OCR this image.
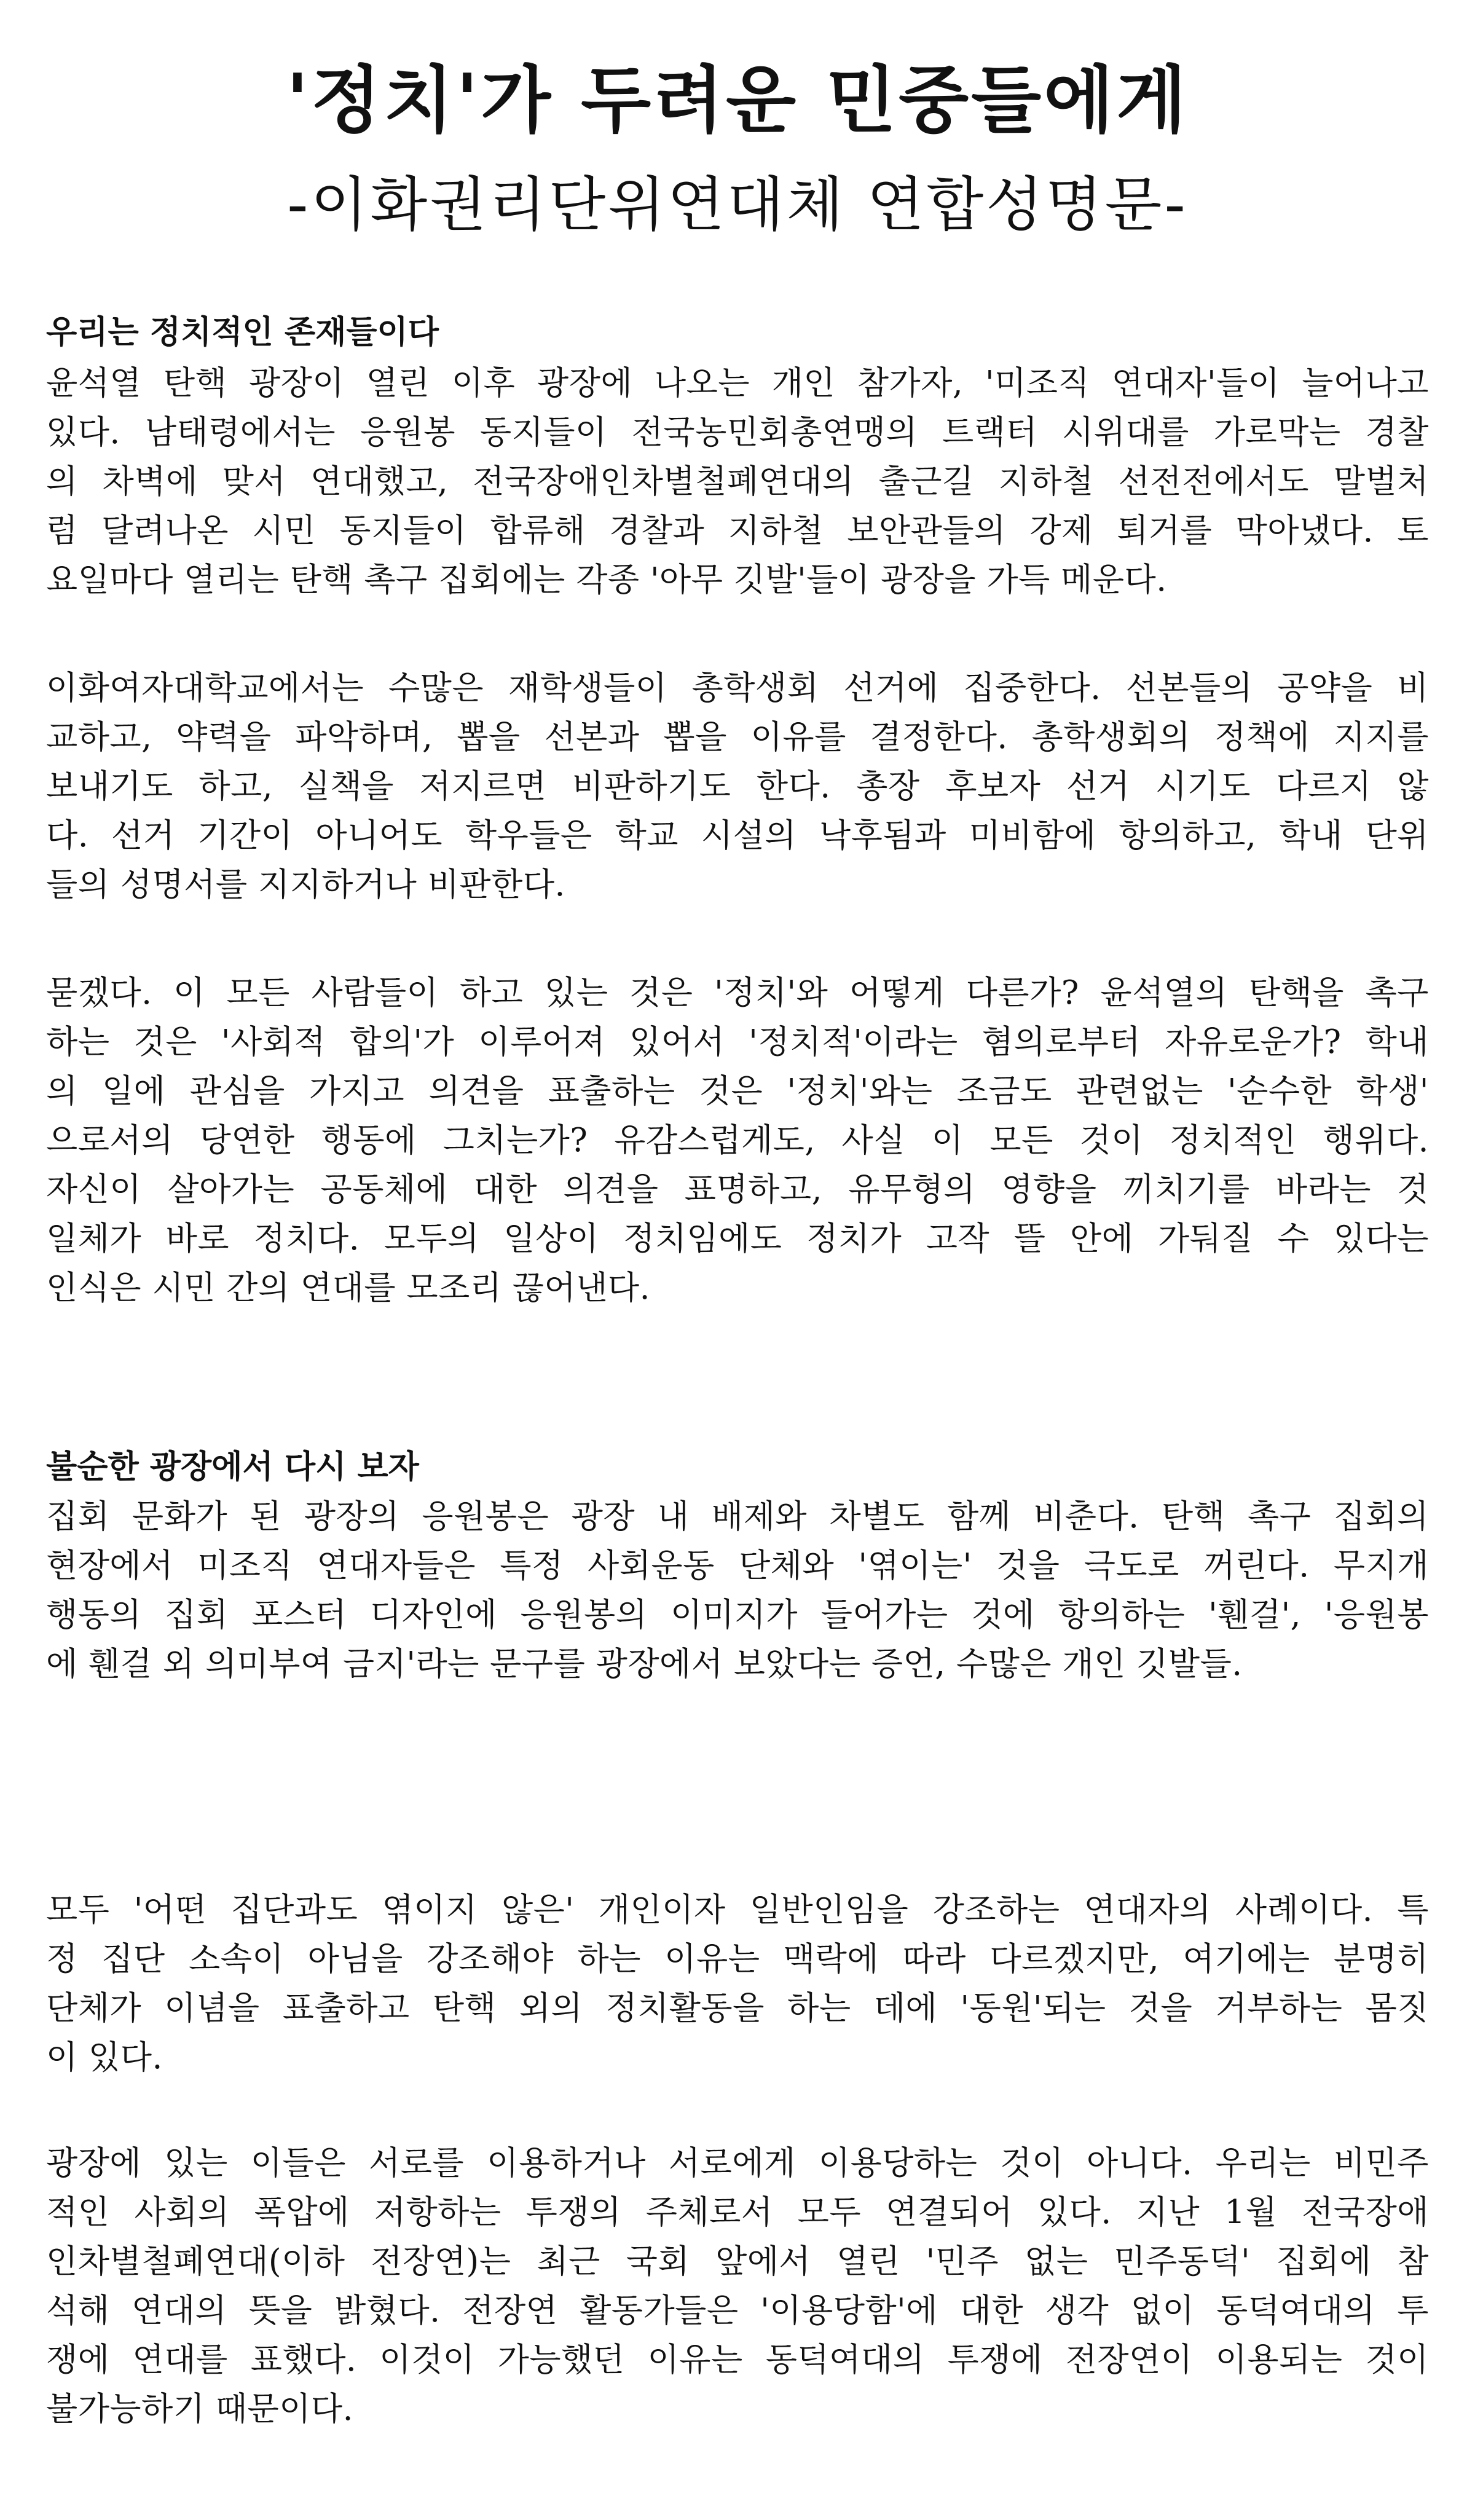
'정치'가 두려운 민중들에게
-이화권리단위연대체 연합성명문-
우리는 정치적인 존재들이다
윤석열 탄핵 광장이 열린 이후 광장에 나오는 개인 참가자, '미조직 연대자'들이 늘어나고
있다. 남태령에서는 응원봉 동지들이 전국농민회총연맹의 트랙터 시위대를 가로막는 경찰
의 차벽에 맞서 연대했고, 전국장애인차별철폐연대의 출근길 지하철 선전전에서도 말벌처
럼 달려나온 시민 동지들이 합류해 경찰과 지하철 보안관들의 강제 퇴거를 막아냈다. 토
요일마다 열리는 탄핵 촉구 집회에는 각종 '아무 깃발'들이 광장을 가득 메운다.
이화여자대학교에서는 수많은 재학생들이 총학생회 선거에 집중한다. 선본들의 공약을 비
교하고, 약력을 파악하며, 뽑을 선본과 뽑을 이유를 결정한다. 총학생회의 정책에 지지를
보내기도 하고, 실책을 저지르면 비판하기도 한다. 총장 후보자 선거 시기도 다르지 않
다. 선거 기간이 아니어도 학우들은 학교 시설의 낙후됨과 미비함에 항의하고, 학내 단위
들의 성명서를 지지하거나 비판한다.
묻겠다. 이 모든 사람들이 하고 있는 것은 '정치'와 어떻게 다른가? 윤석열의 탄핵을 촉구
하는 것은 '사회적 합의'가 이루어져 있어서 '정치적'이라는 혐의로부터 자유로운가? 학내
의 일에 관심을 가지고 의견을 표출하는 것은 '정치'와는 조금도 관련없는 '순수한 학생'
으로서의 당연한 행동에 그치는가? 유감스럽게도, 사실 이 모든 것이 정치적인 행위다.
자신이 살아가는 공동체에 대한 의견을 표명하고, 유무형의 영향을 끼치기를 바라는 것
일체가 바로 정치다. 모두의 일상이 정치임에도 정치가 고작 뜰 안에 가둬질 수 있다는
인식은 시민 간의 연대를 모조리 끊어낸다.
불순한 광장에서 다시 보자
집회 문화가 된 광장의 응원봉은 광장 내 배제와 차별도 함께 비춘다. 탄핵 촉구 집회의
현장에서 미조직 연대자들은 특정 사회운동 단체와 '엮이는' 것을 극도로 꺼린다. 무지개
행동의 집회 포스터 디자인에 응원봉의 이미지가 들어가는 것에 항의하는 '휀걸', '응원봉
에 휀걸 외 의미부여 금지'라는 문구를 광장에서 보았다는 증언, 수많은 개인 깃발들.
모두 '어떤 집단과도 엮이지 않은' 개인이자 일반인임을 강조하는 연대자의 사례이다. 특
정 집단 소속이 아님을 강조해야 하는 이유는 맥락에 따라 다르겠지만, 여기에는 분명히
단체가 이념을 표출하고 탄핵 외의 정치활동을 하는 데에 '동원'되는 것을 거부하는 몸짓
이 있다.
광장에 있는 이들은 서로를 이용하거나 서로에게 이용당하는 것이 아니다. 우리는 비민주
적인 사회의 폭압에 저항하는 투쟁의 주체로서 모두 연결되어 있다. 지난 1월 전국장애
인차별철폐연대(이하 전장연)는 최근 국회 앞에서 열린 '민주 없는 민주동덕' 집회에 참
석해 연대의 뜻을 밝혔다. 전장연 활동가들은 '이용당함'에 대한 생각 없이 동덕여대의 투
쟁에 연대를 표했다. 이것이 가능했던 이유는 동덕여대의 투쟁에 전장연이 이용되는 것이
불가능하기 때문이다.
